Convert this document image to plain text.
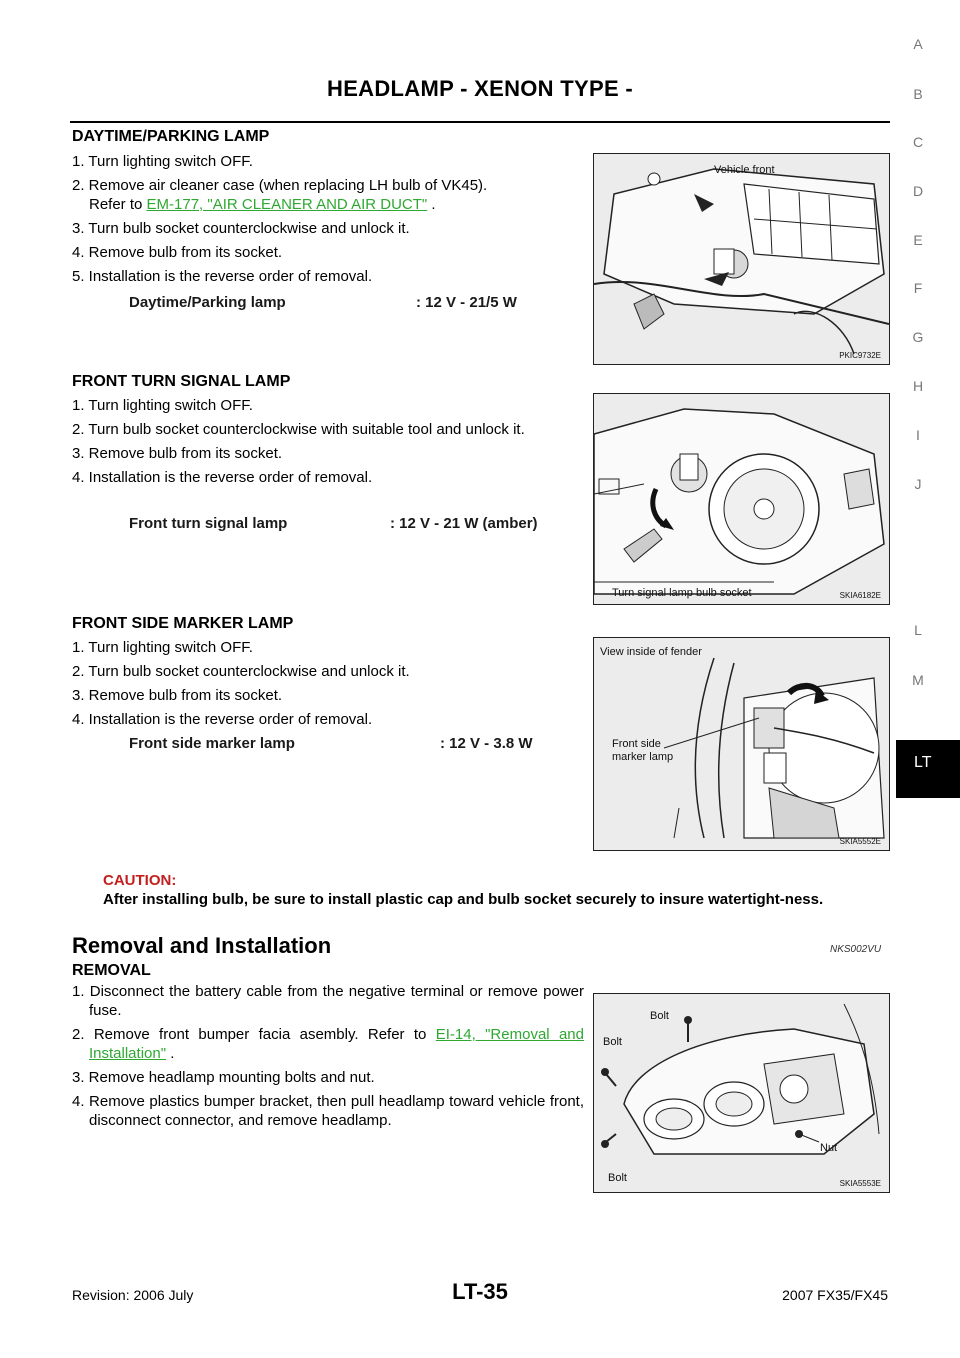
HEADLAMP - XENON TYPE -
A
B
C
D
E
F
G
H
I
J
L
M
LT
DAYTIME/PARKING LAMP
1. Turn lighting switch OFF.
2. Remove air cleaner case (when replacing LH bulb of VK45).
Refer to EM-177, "AIR CLEANER AND AIR DUCT" .
3. Turn bulb socket counterclockwise and unlock it.
4. Remove bulb from its socket.
5. Installation is the reverse order of removal.
Daytime/Parking lamp	: 12 V - 21/5 W
Vehicle front
PKIC9732E
FRONT TURN SIGNAL LAMP
1. Turn lighting switch OFF.
2. Turn bulb socket counterclockwise with suitable tool and unlock it.
3. Remove bulb from its socket.
4. Installation is the reverse order of removal.
Front turn signal lamp	: 12 V - 21 W (amber)
Turn signal lamp bulb socket	SKIA6182E
FRONT SIDE MARKER LAMP
1. Turn lighting switch OFF.
2. Turn bulb socket counterclockwise and unlock it.
3. Remove bulb from its socket.
4. Installation is the reverse order of removal.
Front side marker lamp	: 12 V - 3.8 W
View inside of fender
Front side marker lamp
SKIA5552E
CAUTION:
After installing bulb, be sure to install plastic cap and bulb socket securely to insure watertight-ness.
Removal and Installation	NKS002VU
REMOVAL
1. Disconnect the battery cable from the negative terminal or remove power fuse.
2. Remove front bumper facia asembly. Refer to EI-14, "Removal and Installation" .
3. Remove headlamp mounting bolts and nut.
4. Remove plastics bumper bracket, then pull headlamp toward vehicle front, disconnect connector, and remove headlamp.
Bolt
Bolt
Nut
Bolt	SKIA5553E
Revision: 2006 July	LT-35	2007 FX35/FX45
